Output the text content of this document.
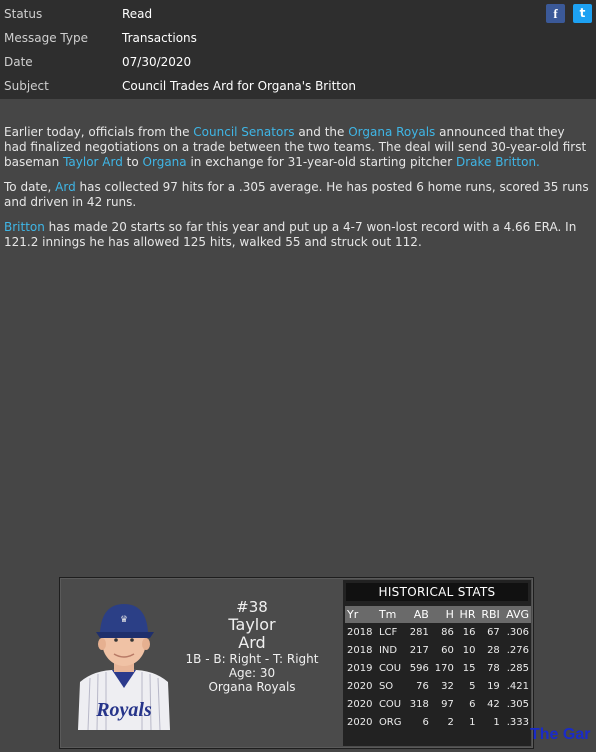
Status	Read
Message Type	Transactions
Date	07/30/2020
Subject	Council Trades Ard for Organa's Britton
f	t

Earlier today, officials from the Council Senators and the Organa Royals announced that they had finalized negotiations on a trade between the two teams. The deal will send 30-year-old first baseman Taylor Ard to Organa in exchange for 31-year-old starting pitcher Drake Britton.

To date, Ard has collected 97 hits for a .305 average. He has posted 6 home runs, scored 35 runs and driven in 42 runs.

Britton has made 20 starts so far this year and put up a 4-7 won-lost record with a 4.66 ERA. In 121.2 innings he has allowed 125 hits, walked 55 and struck out 112.

Royals
♛
#38
Taylor
Ard
1B - B: Right - T: Right
Age: 30
Organa Royals
HISTORICAL STATS
Yr	Tm	AB	H	HR	RBI	AVG
2018	LCF	281	86	16	67	.306
2018	IND	217	60	10	28	.276
2019	COU	596	170	15	78	.285
2020	SO	76	32	5	19	.421
2020	COU	318	97	6	42	.305
2020	ORG	6	2	1	1	.333
The Gar
